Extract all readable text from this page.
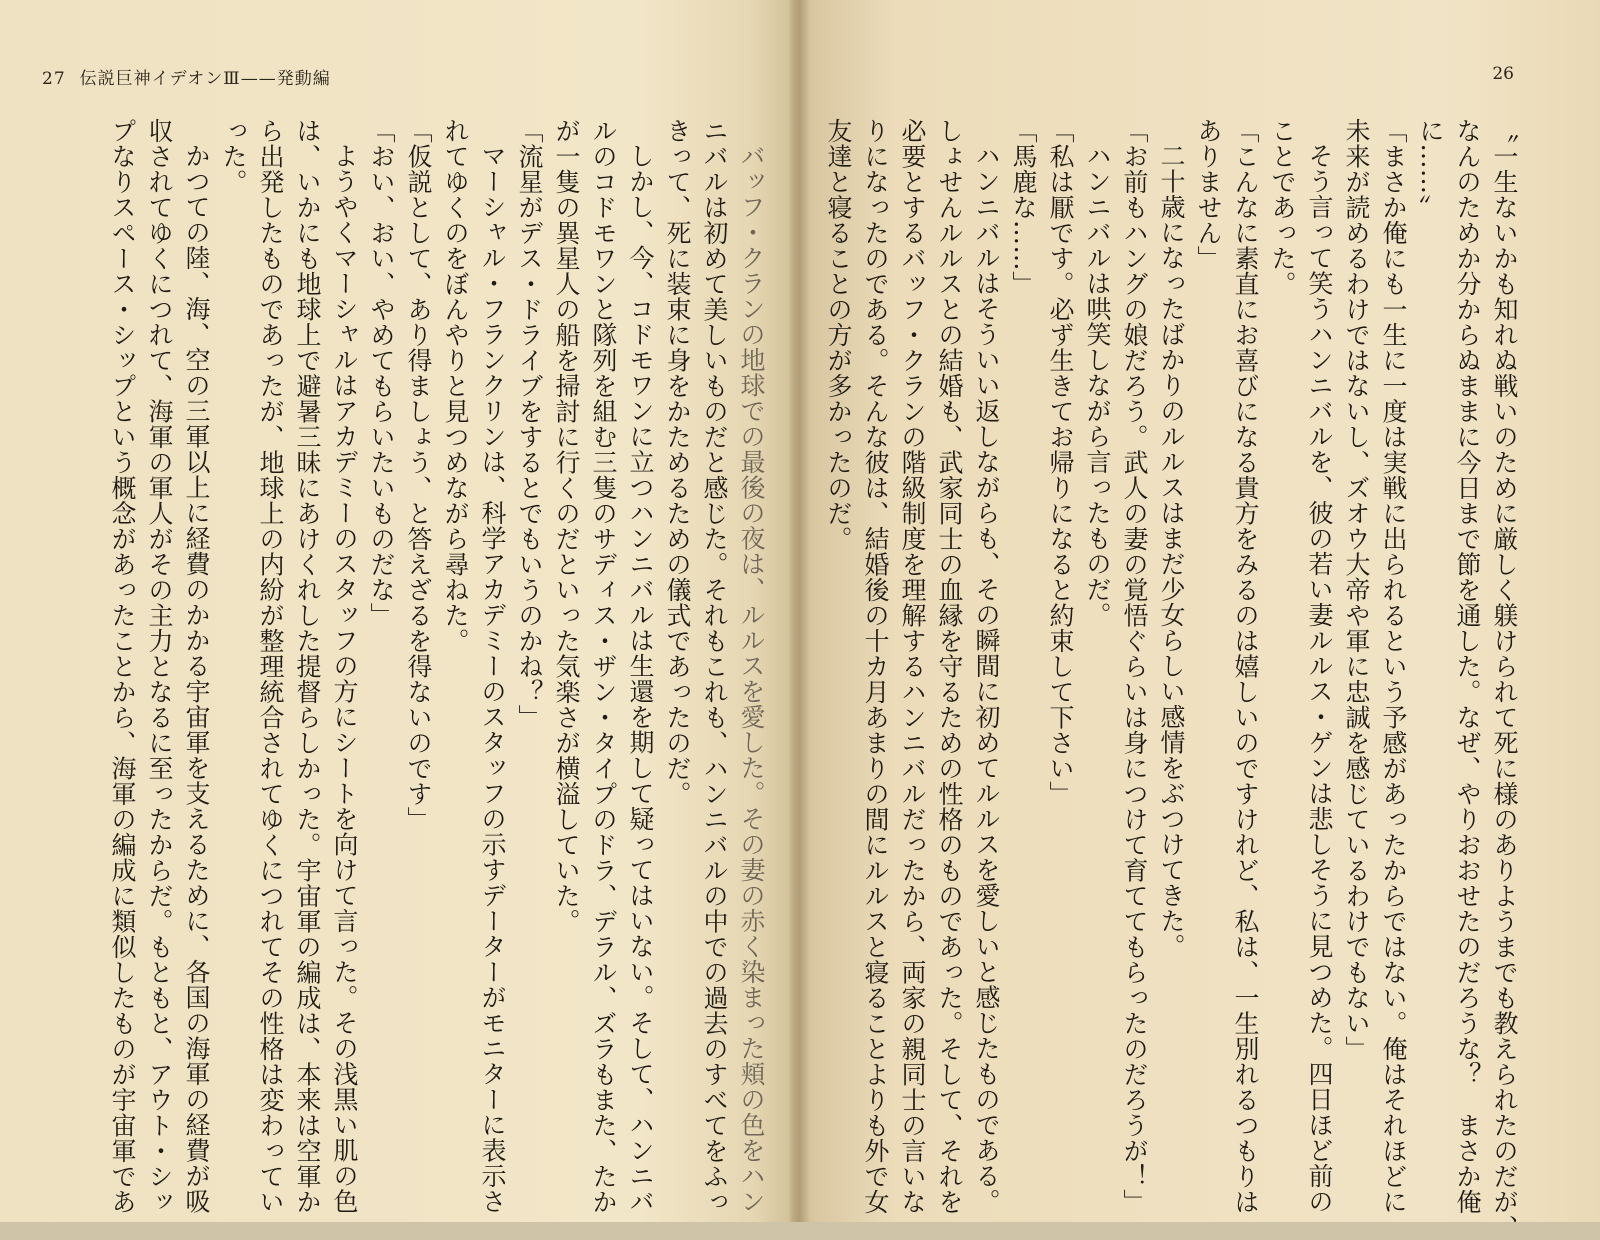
27 伝説巨神イデオンⅢ——発動編

バッフ・クランの地球での最後の夜は、ルルスを愛した。その妻の赤く染まった頬の色をハン

ニバルは初めて美しいものだと感じた。それもこれも、ハンニバルの中での過去のすべてをふっ

きって、死に装束に身をかためるための儀式であったのだ。

しかし、今、コドモワンに立つハンニバルは生還を期して疑ってはいない。そして、ハンニバ

ルのコドモワンと隊列を組む三隻のサディス・ザン・タイプのドラ、デラル、ズラもまた、たか

が一隻の異星人の船を掃討に行くのだといった気楽さが横溢していた。

「流星がデス・ドライブをするとでもいうのかね？」

マーシャル・フランクリンは、科学アカデミーのスタッフの示すデーターがモニターに表示さ

れてゆくのをぼんやりと見つめながら尋ねた。

「仮説として、あり得ましょう、と答えざるを得ないのです」

「おい、おい、やめてもらいたいものだな」

ようやくマーシャルはアカデミーのスタッフの方にシートを向けて言った。その浅黒い肌の色

は、いかにも地球上で避暑三昧にあけくれした提督らしかった。宇宙軍の編成は、本来は空軍か

ら出発したものであったが、地球上の内紛が整理統合されてゆくにつれてその性格は変わってい

った。

かつての陸、海、空の三軍以上に経費のかかる宇宙軍を支えるために、各国の海軍の経費が吸

収されてゆくにつれて、海軍の軍人がその主力となるに至ったからだ。もともと、アウト・シッ

プなりスペース・シップという概念があったことから、海軍の編成に類似したものが宇宙軍であ

26

〝一生ないかも知れぬ戦いのために厳しく躾けられて死に様のありようまでも教えられたのだが、

なんのためか分からぬままに今日まで節を通した。なぜ、やりおおせたのだろうな？　まさか俺

に……〟

「まさか俺にも一生に一度は実戦に出られるという予感があったからではない。俺はそれほどに

未来が読めるわけではないし、ズオウ大帝や軍に忠誠を感じているわけでもない」

そう言って笑うハンニバルを、彼の若い妻ルルス・ゲンは悲しそうに見つめた。四日ほど前の

ことであった。

「こんなに素直にお喜びになる貴方をみるのは嬉しいのですけれど、私は、一生別れるつもりは

ありません」

二十歳になったばかりのルルスはまだ少女らしい感情をぶつけてきた。

「お前もハングの娘だろう。武人の妻の覚悟ぐらいは身につけて育ててもらったのだろうが！」

ハンニバルは哄笑しながら言ったものだ。

「私は厭です。必ず生きてお帰りになると約束して下さい」

「馬鹿な……」

ハンニバルはそういい返しながらも、その瞬間に初めてルルスを愛しいと感じたものである。

しょせんルルスとの結婚も、武家同士の血縁を守るための性格のものであった。そして、それを

必要とするバッフ・クランの階級制度を理解するハンニバルだったから、両家の親同士の言いな

りになったのである。そんな彼は、結婚後の十カ月あまりの間にルルスと寝ることよりも外で女

友達と寝ることの方が多かったのだ。
